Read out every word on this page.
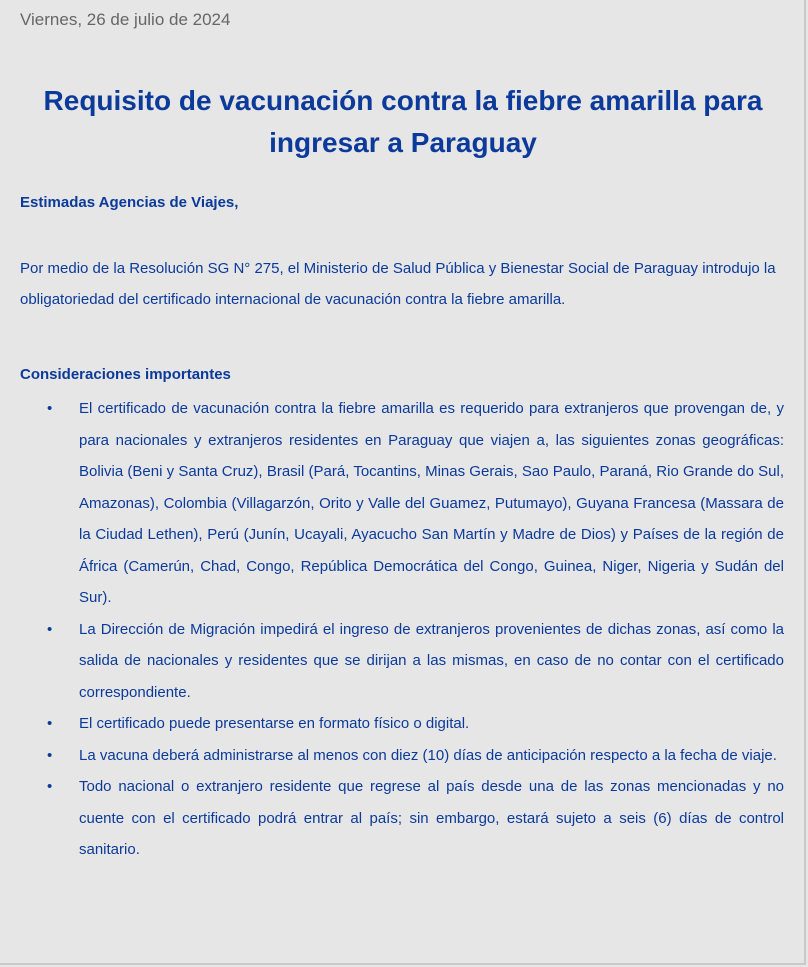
Viernes, 26 de julio de 2024
Requisito de vacunación contra la fiebre amarilla para ingresar a Paraguay

Estimadas Agencias de Viajes,

Por medio de la Resolución SG N° 275, el Ministerio de Salud Pública y Bienestar Social de Paraguay introdujo la obligatoriedad del certificado internacional de vacunación contra la fiebre amarilla.

Consideraciones importantes

• El certificado de vacunación contra la fiebre amarilla es requerido para extranjeros que provengan de, y para nacionales y extranjeros residentes en Paraguay que viajen a, las siguientes zonas geográficas: Bolivia (Beni y Santa Cruz), Brasil (Pará, Tocantins, Minas Gerais, Sao Paulo, Paraná, Rio Grande do Sul, Amazonas), Colombia (Villagarzón, Orito y Valle del Guamez, Putumayo), Guyana Francesa (Massara de la Ciudad Lethen), Perú (Junín, Ucayali, Ayacucho San Martín y Madre de Dios) y Países de la región de África (Camerún, Chad, Congo, República Democrática del Congo, Guinea, Niger, Nigeria y Sudán del Sur).
• La Dirección de Migración impedirá el ingreso de extranjeros provenientes de dichas zonas, así como la salida de nacionales y residentes que se dirijan a las mismas, en caso de no contar con el certificado correspondiente.
• El certificado puede presentarse en formato físico o digital.
• La vacuna deberá administrarse al menos con diez (10) días de anticipación respecto a la fecha de viaje.
• Todo nacional o extranjero residente que regrese al país desde una de las zonas mencionadas y no cuente con el certificado podrá entrar al país; sin embargo, estará sujeto a seis (6) días de control sanitario.
